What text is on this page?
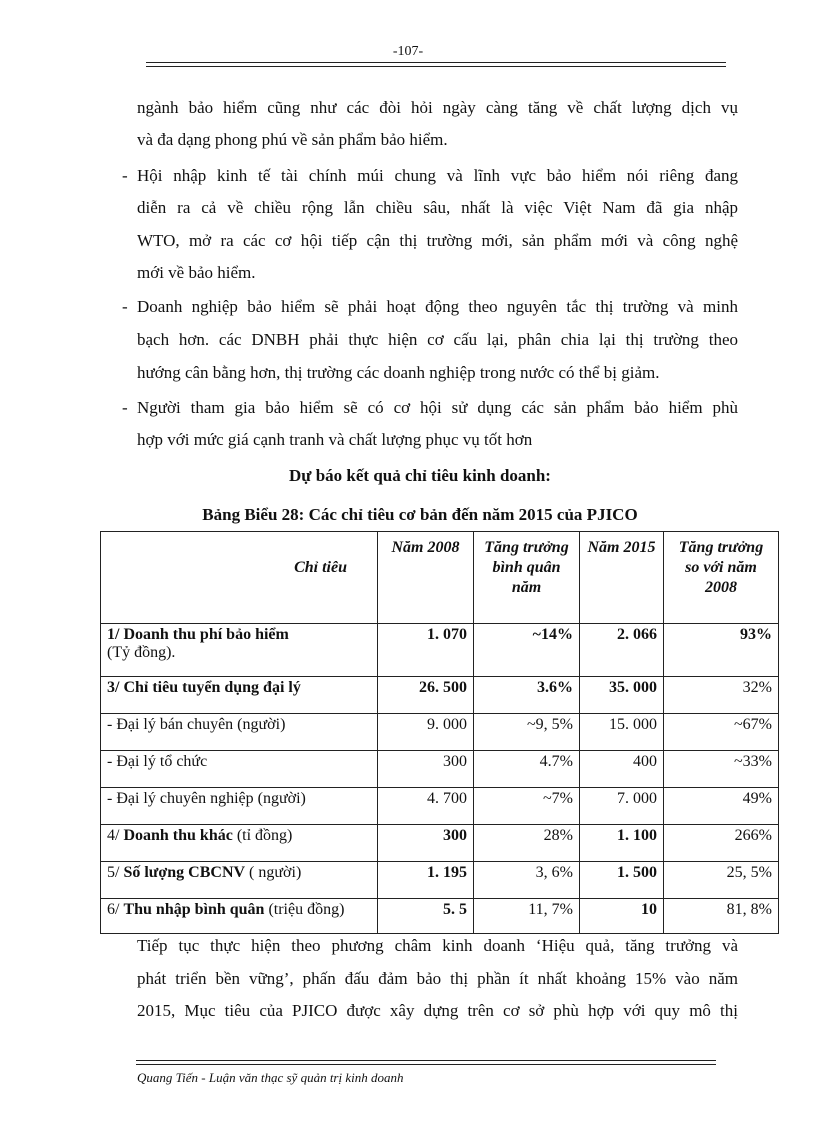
-107-
ngành bảo hiểm cũng như các đòi hỏi ngày càng tăng về chất lượng dịch vụ
và đa dạng phong phú về sản phẩm bảo hiểm.
- Hội nhập kinh tế tài chính múi chung và lĩnh vực bảo hiểm nói riêng đang
diễn ra cả về chiều rộng lẫn chiều sâu, nhất là việc Việt Nam đã gia nhập
WTO, mở ra các cơ hội tiếp cận thị trường mới, sản phẩm mới và công nghệ
mới về bảo hiểm.
- Doanh nghiệp bảo hiểm sẽ phải hoạt động theo nguyên tắc thị trường và minh
bạch hơn. các DNBH phải thực hiện cơ cấu lại, phân chia lại thị trường theo
hướng cân bằng hơn, thị trường các doanh nghiệp trong nước có thể bị giảm.
- Người tham gia bảo hiểm sẽ có cơ hội sử dụng các sản phẩm bảo hiểm phù
hợp với mức giá cạnh tranh và chất lượng phục vụ tốt hơn
Dự báo kết quả chỉ tiêu kinh doanh:
Bảng Biểu 28: Các chỉ tiêu cơ bản đến năm 2015 của PJICO
Chỉ tiêu	Năm 2008	Tăng trưởng bình quân năm	Năm 2015	Tăng trưởng so với năm 2008
1/ Doanh thu phí bảo hiểm
(Tỷ đồng).	1. 070	~14%	2. 066	93%
3/ Chỉ tiêu tuyển dụng đại lý	26. 500	3.6%	35. 000	32%
- Đại lý bán chuyên (người)	9. 000	~9, 5%	15. 000	~67%
- Đại lý tổ chức	300	4.7%	400	~33%
- Đại lý chuyên nghiệp (người)	4. 700	~7%	7. 000	49%
4/ Doanh thu khác (tỉ đồng)	300	28%	1. 100	266%
5/ Số lượng CBCNV ( người)	1. 195	3, 6%	1. 500	25, 5%
6/ Thu nhập bình quân (triệu đồng)	5. 5	11, 7%	10	81, 8%
Tiếp tục thực hiện theo phương châm kinh doanh ‘Hiệu quả, tăng trưởng và
phát triển bền vững’, phấn đấu đảm bảo thị phần ít nhất khoảng 15% vào năm
2015, Mục tiêu của PJICO được xây dựng trên cơ sở phù hợp với quy mô thị
Quang Tiến - Luận văn thạc sỹ quản trị kinh doanh
